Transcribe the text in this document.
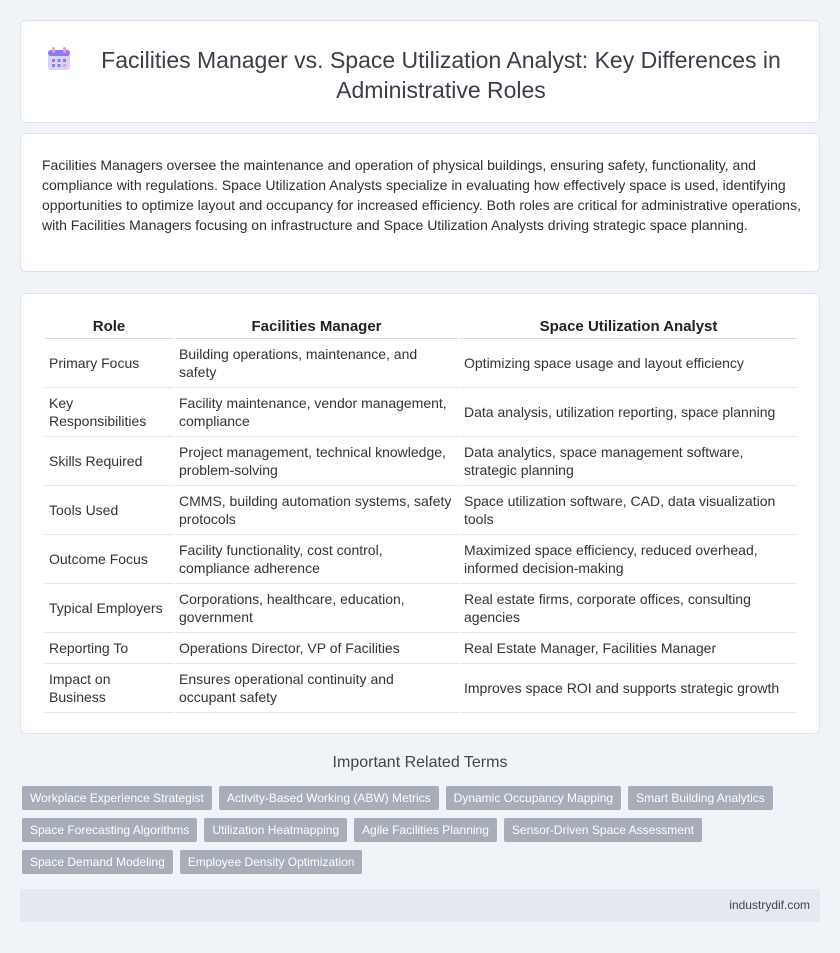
Facilities Manager vs. Space Utilization Analyst: Key Differences in Administrative Roles

Facilities Managers oversee the maintenance and operation of physical buildings, ensuring safety, functionality, and compliance with regulations. Space Utilization Analysts specialize in evaluating how effectively space is used, identifying opportunities to optimize layout and occupancy for increased efficiency. Both roles are critical for administrative operations, with Facilities Managers focusing on infrastructure and Space Utilization Analysts driving strategic space planning.

Role	Facilities Manager	Space Utilization Analyst
Primary Focus	Building operations, maintenance, and safety	Optimizing space usage and layout efficiency
Key Responsibilities	Facility maintenance, vendor management, compliance	Data analysis, utilization reporting, space planning
Skills Required	Project management, technical knowledge, problem-solving	Data analytics, space management software, strategic planning
Tools Used	CMMS, building automation systems, safety protocols	Space utilization software, CAD, data visualization tools
Outcome Focus	Facility functionality, cost control, compliance adherence	Maximized space efficiency, reduced overhead, informed decision-making
Typical Employers	Corporations, healthcare, education, government	Real estate firms, corporate offices, consulting agencies
Reporting To	Operations Director, VP of Facilities	Real Estate Manager, Facilities Manager
Impact on Business	Ensures operational continuity and occupant safety	Improves space ROI and supports strategic growth
Important Related Terms
Workplace Experience Strategist	Activity-Based Working (ABW) Metrics	Dynamic Occupancy Mapping	Smart Building Analytics
Space Forecasting Algorithms	Utilization Heatmapping	Agile Facilities Planning	Sensor-Driven Space Assessment
Space Demand Modeling	Employee Density Optimization
industrydif.com
